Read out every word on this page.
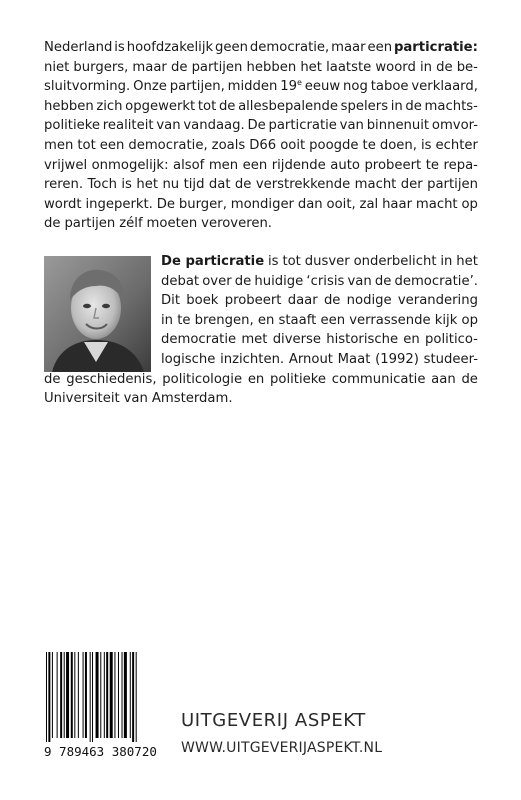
Nederland is hoofdzakelijk geen democratie, maar een particratie:
niet burgers, maar de partijen hebben het laatste woord in de be-
sluitvorming. Onze partijen, midden 19e eeuw nog taboe verklaard,
hebben zich opgewerkt tot de allesbepalende spelers in de machts-
politieke realiteit van vandaag. De particratie van binnenuit omvor-
men tot een democratie, zoals D66 ooit poogde te doen, is echter
vrijwel onmogelijk: alsof men een rijdende auto probeert te repa-
reren. Toch is het nu tijd dat de verstrekkende macht der partijen
wordt ingeperkt. De burger, mondiger dan ooit, zal haar macht op
de partijen zélf moeten veroveren.
De particratie is tot dusver onderbelicht in het
debat over de huidige ‘crisis van de democratie’.
Dit boek probeert daar de nodige verandering
in te brengen, en staaft een verrassende kijk op
democratie met diverse historische en politico-
logische inzichten. Arnout Maat (1992) studeer-
de geschiedenis, politicologie en politieke communicatie aan de
Universiteit van Amsterdam.
9 789463 380720
UITGEVERIJ ASPEKT
WWW.UITGEVERIJASPEKT.NL
